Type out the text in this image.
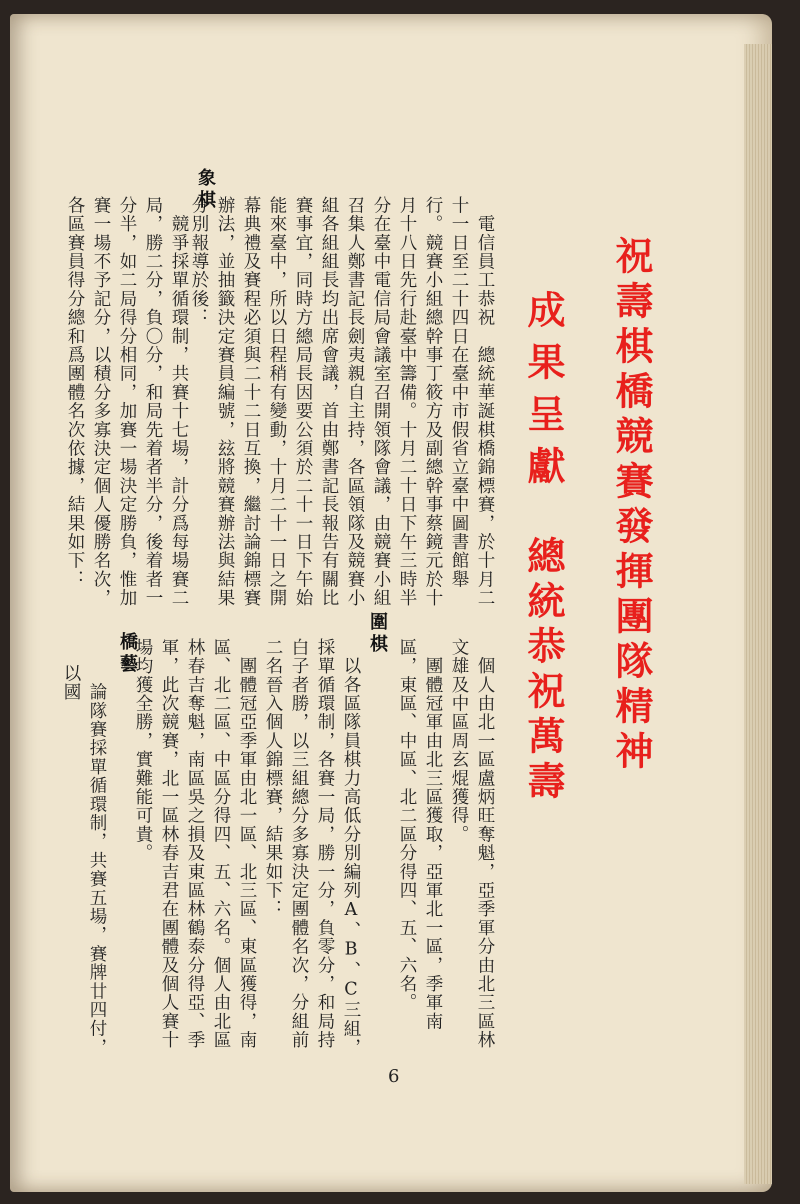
祝壽棋橋競賽發揮團隊精神
成果呈獻
總統恭祝萬壽
　電信員工恭祝　總統華誕棋橋錦標賽，於十月二十一日至二十四日在臺中市假省立臺中圖書館舉行。競賽小組總幹事丁筱方及副總幹事蔡鏡元於十月十八日先行赴臺中籌備。十月二十日下午三時半分在臺中電信局會議室召開領隊會議，由競賽小組召集人鄭書記長劍夷親自主持，各區領隊及競賽小組各組組長均出席會議，首由鄭書記長報告有關比賽事宜，同時方總局長因要公須於二十一日下午始能來臺中，所以日程稍有變動，十月二十一日之開幕典禮及賽程必須與二十二日互換，繼討論錦標賽辦法，並抽籤決定賽員編號，玆將競賽辦法與結果分別報導於後：
象棋
　競爭採單循環制，共賽十七場，計分爲每場賽二局，勝二分，負〇分，和局先着者半分，後着者一分半，如二局得分相同，加賽一場決定勝負，惟加賽一場不予記分，以積分多寡決定個人優勝名次，各區賽員得分總和爲團體名次依據，結果如下：
　個人由北一區盧炳旺奪魁，亞季軍分由北三區林文雄及中區周玄焜獲得。
　團體冠軍由北三區獲取，亞軍北一區，季軍南區，東區、中區、北二區分得四、五、六名。
圍棋
　以各區隊員棋力高低分別編列A、B、C三組，採單循環制，各賽一局，勝一分，負零分，和局持白子者勝，以三組總分多寡決定團體名次，分組前二名晉入個人錦標賽，結果如下：
　團體冠亞季軍由北一區、北三區、東區獲得，南區、北二區、中區分得四、五、六名。個人由北區林春吉奪魁，南區吳之損及東區林鶴泰分得亞、季軍，此次競賽，北一區林春吉君在團體及個人賽十場均獲全勝，實難能可貴。
橋藝
　論隊賽採單循環制，共賽五場，賽牌廿四付，以國
6
